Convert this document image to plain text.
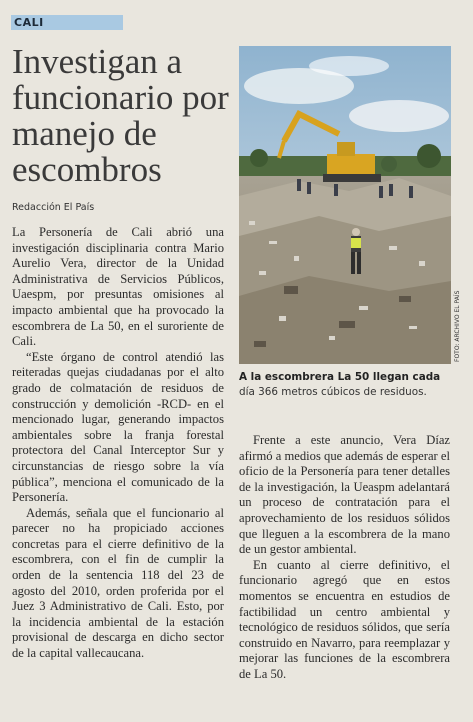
CALI
Investigan a funcionario por manejo de escombros
Redacción El País

La Personería de Cali abrió una investigación disciplinaria contra Mario Aurelio Vera, director de la Unidad Administrativa de Servicios Públicos, Uaespm, por presuntas omisiones al impacto ambiental que ha provocado la escombrera de La 50, en el suroriente de Cali.

“Este órgano de control atendió las reiteradas quejas ciudadanas por el alto grado de colmatación de residuos de construcción y demolición -RCD- en el mencionado lugar, generando impactos ambientales sobre la franja forestal protectora del Canal Interceptor Sur y circunstancias de riesgo sobre la vía pública”, menciona el comunicado de la Personería.

Además, señala que el funcionario al parecer no ha propiciado acciones concretas para el cierre definitivo de la escombrera, con el fin de cumplir la orden de la sentencia 118 del 23 de agosto del 2010, orden proferida por el Juez 3 Administrativo de Cali. Esto, por la incidencia ambiental de la estación provisional de descarga en dicho sector de la capital vallecaucana.

FOTO: ARCHIVO EL PAÍS
A la escombrera La 50 llegan cada día 366 metros cúbicos de residuos.

Frente a este anuncio, Vera Díaz afirmó a medios que además de esperar el oficio de la Personería para tener detalles de la investigación, la Ueaspm adelantará un proceso de contratación para el aprovechamiento de los residuos sólidos que lleguen a la escombrera de la mano de un gestor ambiental.

En cuanto al cierre definitivo, el funcionario agregó que en estos momentos se encuentra en estudios de factibilidad un centro ambiental y tecnológico de residuos sólidos, que sería construido en Navarro, para reemplazar y mejorar las funciones de la escombrera de La 50.
